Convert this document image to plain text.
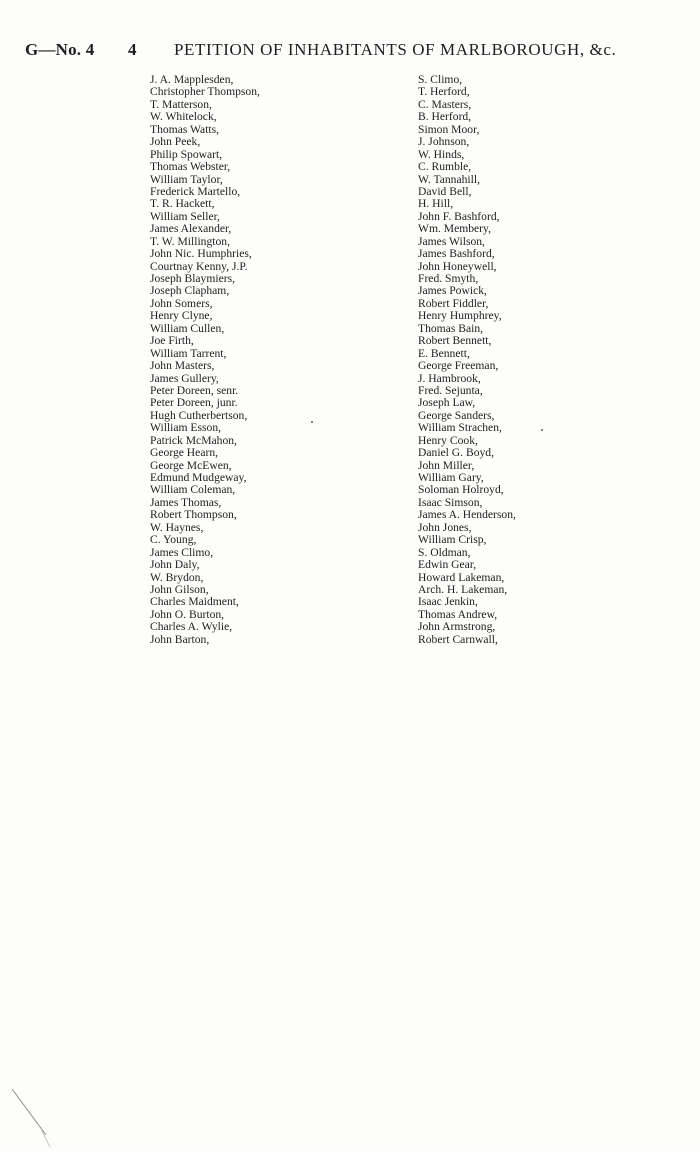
G—No. 4 4 PETITION OF INHABITANTS OF MARLBOROUGH, &c.
J. A. Mapplesden,
Christopher Thompson,
T. Matterson,
W. Whitelock,
Thomas Watts,
John Peek,
Philip Spowart,
Thomas Webster,
William Taylor,
Frederick Martello,
T. R. Hackett,
William Seller,
James Alexander,
T. W. Millington,
John Nic. Humphries,
Courtnay Kenny, J.P.
Joseph Blaymiers,
Joseph Clapham,
John Somers,
Henry Clyne,
William Cullen,
Joe Firth,
William Tarrent,
John Masters,
James Gullery,
Peter Doreen, senr.
Peter Doreen, junr.
Hugh Cutherbertson,
William Esson,
Patrick McMahon,
George Hearn,
George McEwen,
Edmund Mudgeway,
William Coleman,
James Thomas,
Robert Thompson,
W. Haynes,
C. Young,
James Climo,
John Daly,
W. Brydon,
John Gilson,
Charles Maidment,
John O. Burton,
Charles A. Wylie,
John Barton,
S. Climo,
T. Herford,
C. Masters,
B. Herford,
Simon Moor,
J. Johnson,
W. Hinds,
C. Rumble,
W. Tannahill,
David Bell,
H. Hill,
John F. Bashford,
Wm. Membery,
James Wilson,
James Bashford,
John Honeywell,
Fred. Smyth,
James Powick,
Robert Fiddler,
Henry Humphrey,
Thomas Bain,
Robert Bennett,
E. Bennett,
George Freeman,
J. Hambrook,
Fred. Sejunta,
Joseph Law,
George Sanders,
William Strachen,
Henry Cook,
Daniel G. Boyd,
John Miller,
William Gary,
Soloman Holroyd,
Isaac Simson,
James A. Henderson,
John Jones,
William Crisp,
S. Oldman,
Edwin Gear,
Howard Lakeman,
Arch. H. Lakeman,
Isaac Jenkin,
Thomas Andrew,
John Armstrong,
Robert Carnwall,
